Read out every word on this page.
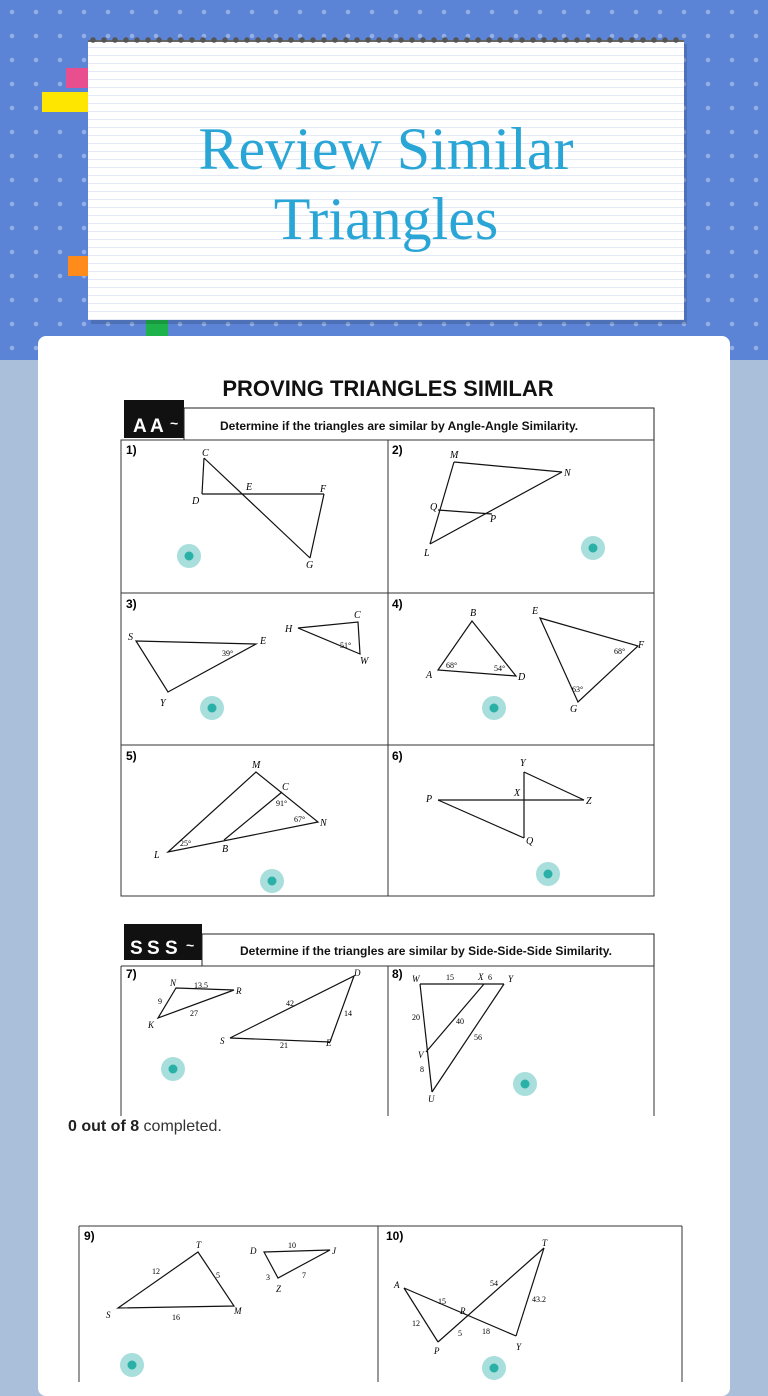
Review Similar
Triangles
PROVING TRIANGLES SIMILAR
A A ~	Determine if the triangles are similar by Angle-Angle Similarity.
1)	C
D
E	F
G
2)	M
N
Q
P
L
3)
S	E
Y
H
C
W
39°
51°
4)
B
A	D
E
F
G
68°	54°
68°
63°
5)
M
C
N
L
B
91°
67°
25°
6)
Y
P
X
Z
Q
S S S ~	Determine if the triangles are similar by Side-Side-Side Similarity.
7)
N
R
K
D
S	E
13.5
9
27
42
14
21
8) W	X	Y
V
U
15	6
20	40
56
8
0 out of 8 completed.
9)
T
S	M
D	J
Z
12	5
16
10
3	7
10)	T
A
R
P	Y
54
43.2
15
12
5	18
